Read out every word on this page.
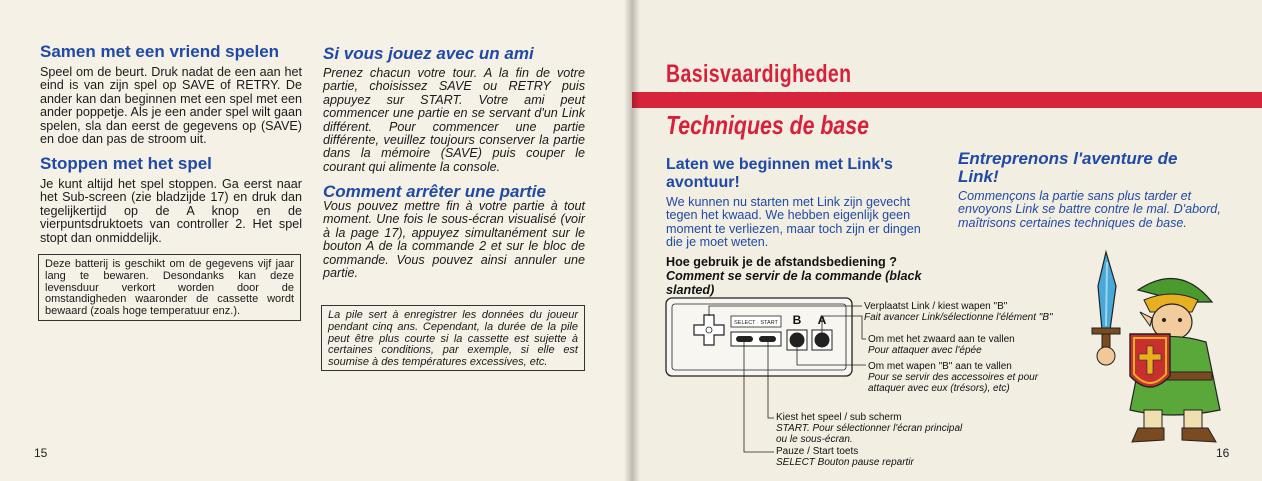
Samen met een vriend spelen
Speel om de beurt. Druk nadat de een aan het eind is van zijn spel op SAVE of RETRY. De ander kan dan beginnen met een spel met een ander poppetje. Als je een ander spel wilt gaan spelen, sla dan eerst de gegevens op (SAVE) en doe dan pas de stroom uit.
Stoppen met het spel
Je kunt altijd het spel stoppen. Ga eerst naar het Sub-screen (zie bladzijde 17) en druk dan tegelijkertijd op de A knop en de vierpuntsdruktoets van controller 2. Het spel stopt dan onmiddelijk.
Deze batterij is geschikt om de gegevens vijf jaar lang te bewaren. Desondanks kan deze levensduur verkort worden door de omstandigheden waaronder de cassette wordt bewaard (zoals hoge temperatuur enz.).
Si vous jouez avec un ami
Prenez chacun votre tour. A la fin de votre partie, choisissez SAVE ou RETRY puis appuyez sur START. Votre ami peut commencer une partie en se servant d'un Link différent. Pour commencer une partie différente, veuillez toujours conserver la partie dans la mémoire (SAVE) puis couper le courant qui alimente la console.
Comment arrêter une partie
Vous pouvez mettre fin à votre partie à tout moment. Une fois le sous-écran visualisé (voir à la page 17), appuyez simultanément sur le bouton A de la commande 2 et sur le bloc de commande. Vous pouvez ainsi annuler une partie.
La pile sert à enregistrer les données du joueur pendant cinq ans. Cependant, la durée de la pile peut être plus courte si la cassette est sujette à certaines conditions, par exemple, si elle est soumise à des températures excessives, etc.
15
Basisvaardigheden
Techniques de base
Laten we beginnen met Link's avontuur!
We kunnen nu starten met Link zijn gevecht tegen het kwaad. We hebben eigenlijk geen moment te verliezen, maar toch zijn er dingen die je moet weten.
Hoe gebruik je de afstandsbediening ?
Comment se servir de la commande (black slanted)
Entreprenons l'aventure de Link!
Commençons la partie sans plus tarder et envoyons Link se battre contre le mal. D'abord, maîtrisons certaines techniques de base.
SELECT · START B A
Verplaatst Link / kiest wapen "B"
Fait avancer Link/sélectionne l'élément "B"
Om met het zwaard aan te vallen
Pour attaquer avec l'épée
Om met wapen "B" aan te vallen
Pour se servir des accessoires et pour attaquer avec eux (trésors), etc)
Kiest het speel / sub scherm
START. Pour sélectionner l'écran principal ou le sous-écran.
Pauze / Start toets
SELECT Bouton pause repartir
16
